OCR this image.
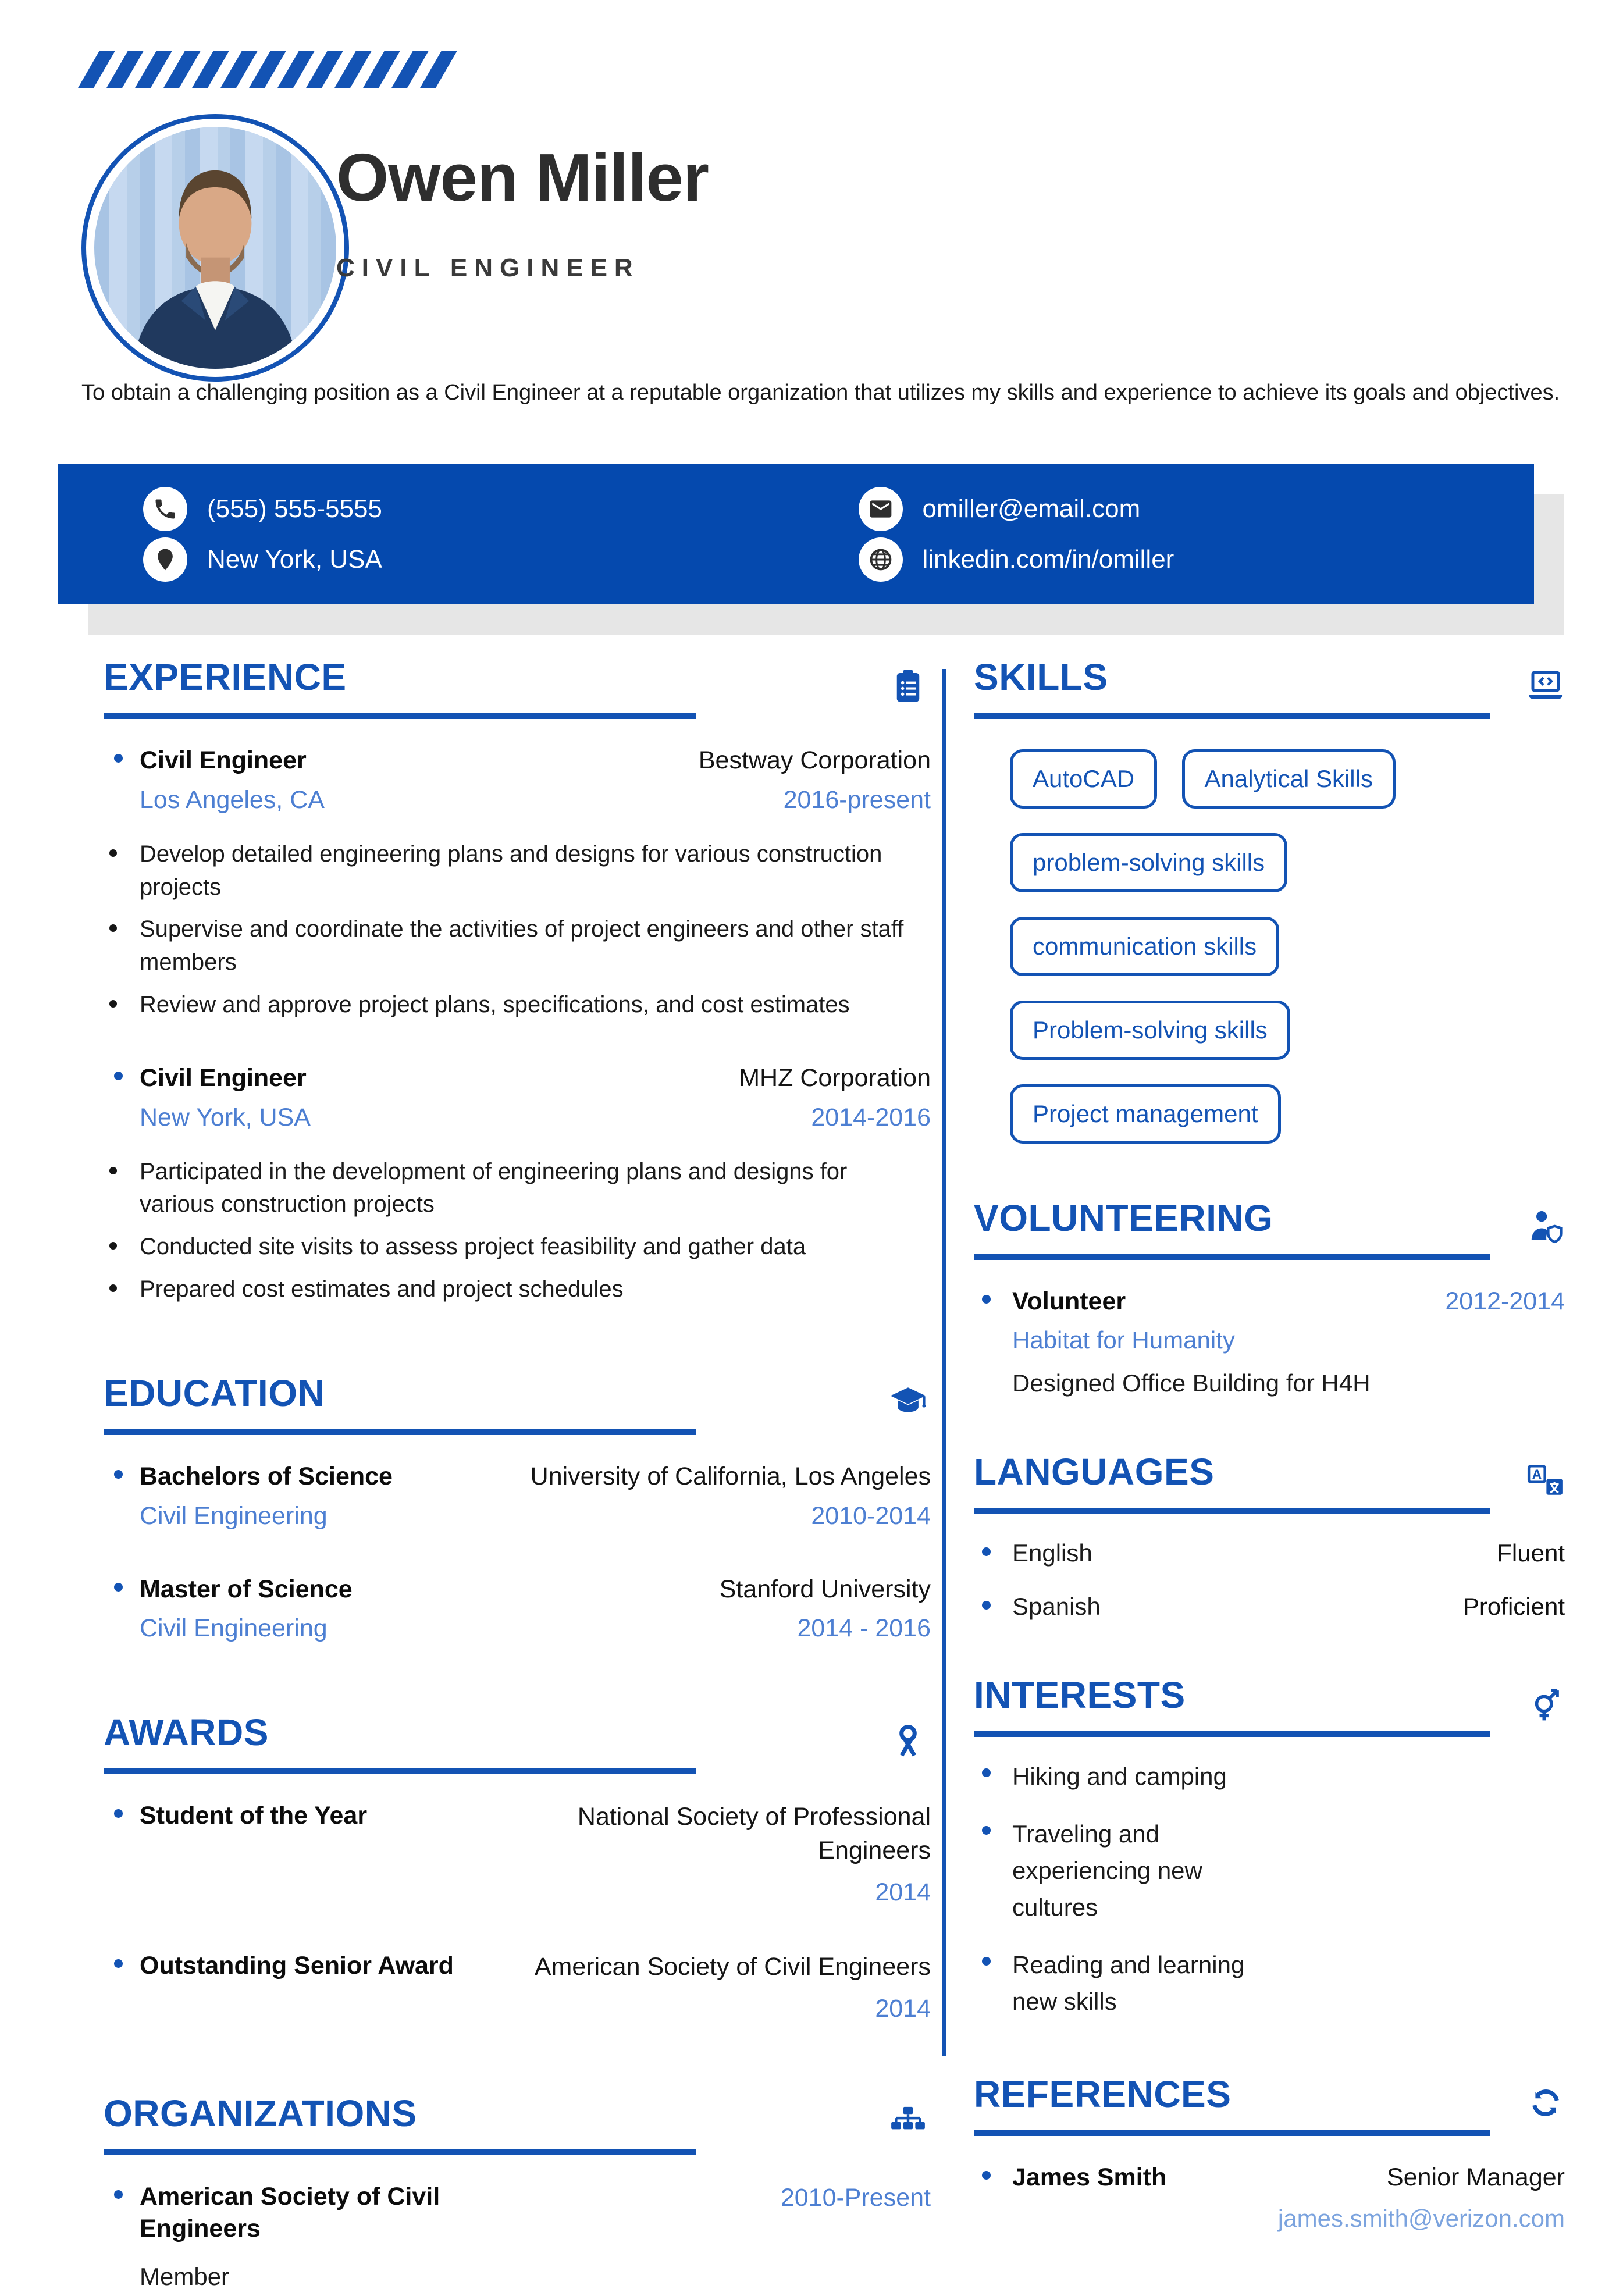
Owen Miller
CIVIL ENGINEER

To obtain a challenging position as a Civil Engineer at a reputable organization that utilizes my skills and experience to achieve its goals and objectives.

(555) 555-5555
New York, USA
omiller@email.com
linkedin.com/in/omiller
EXPERIENCE
Civil Engineer	Bestway Corporation
Los Angeles, CA	2016-present
Develop detailed engineering plans and designs for various construction projects
Supervise and coordinate the activities of project engineers and other staff members
Review and approve project plans, specifications, and cost estimates
Civil Engineer	MHZ Corporation
New York, USA	2014-2016
Participated in the development of engineering plans and designs for various construction projects
Conducted site visits to assess project feasibility and gather data
Prepared cost estimates and project schedules
EDUCATION
Bachelors of Science	University of California, Los Angeles
Civil Engineering	2010-2014
Master of Science	Stanford University
Civil Engineering	2014 - 2016
AWARDS
Student of the Year	National Society of Professional Engineers
2014
Outstanding Senior Award	American Society of Civil Engineers
2014
ORGANIZATIONS
American Society of Civil Engineers
2010-Present
Member
SKILLS
AutoCAD	Analytical Skills
problem-solving skills
communication skills
Problem-solving skills
Project management
VOLUNTEERING
Volunteer	2012-2014
Habitat for Humanity
Designed Office Building for H4H
LANGUAGES	A
English	Fluent
Spanish	Proficient
INTERESTS
Hiking and camping
Traveling and experiencing new cultures
Reading and learning new skills
REFERENCES
James Smith	Senior Manager
james.smith@verizon.com
